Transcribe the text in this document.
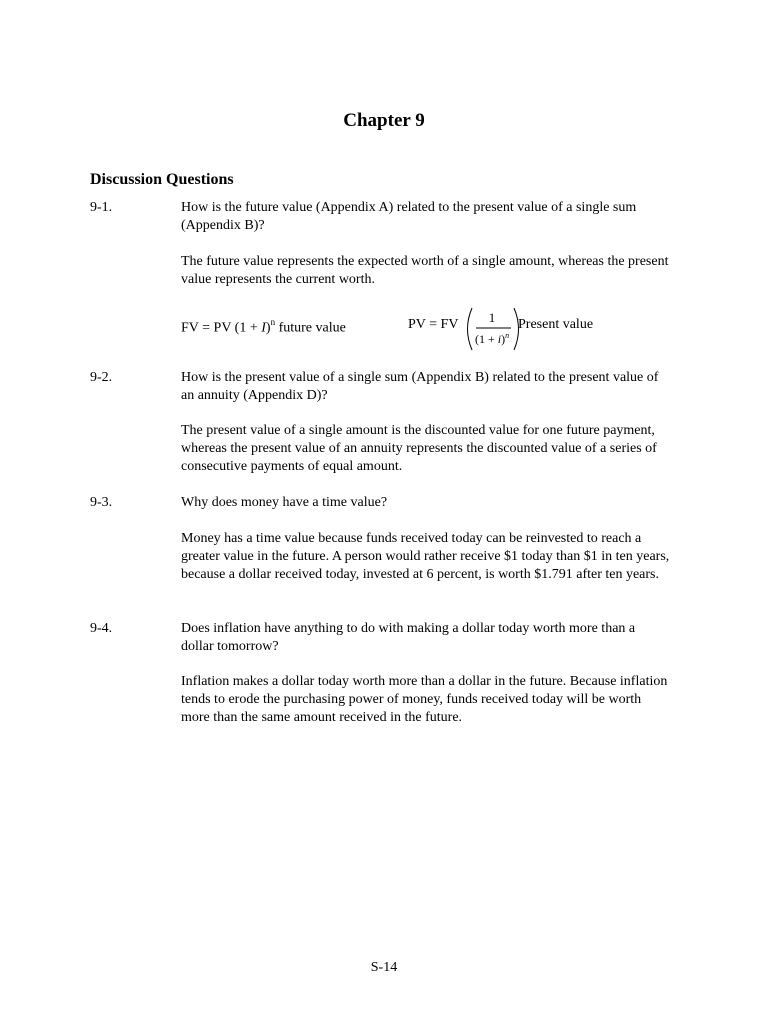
Chapter 9
Discussion Questions
9-1.	How is the future value (Appendix A) related to the present value of a single sum (Appendix B)?
The future value represents the expected worth of a single amount, whereas the present value represents the current worth.
FV = PV $(1 + I)^n$ future value	PV = FV 1
$(1 + i)^n$
Present value
9-2.	How is the present value of a single sum (Appendix B) related to the present value of an annuity (Appendix D)?
The present value of a single amount is the discounted value for one future payment, whereas the present value of an annuity represents the discounted value of a series of consecutive payments of equal amount.
9-3.	Why does money have a time value?
Money has a time value because funds received today can be reinvested to reach a greater value in the future. A person would rather receive $1 today than $1 in ten years, because a dollar received today, invested at 6 percent, is worth $1.791 after ten years.
9-4.	Does inflation have anything to do with making a dollar today worth more than a dollar tomorrow?
Inflation makes a dollar today worth more than a dollar in the future. Because inflation tends to erode the purchasing power of money, funds received today will be worth more than the same amount received in the future.
S-14
